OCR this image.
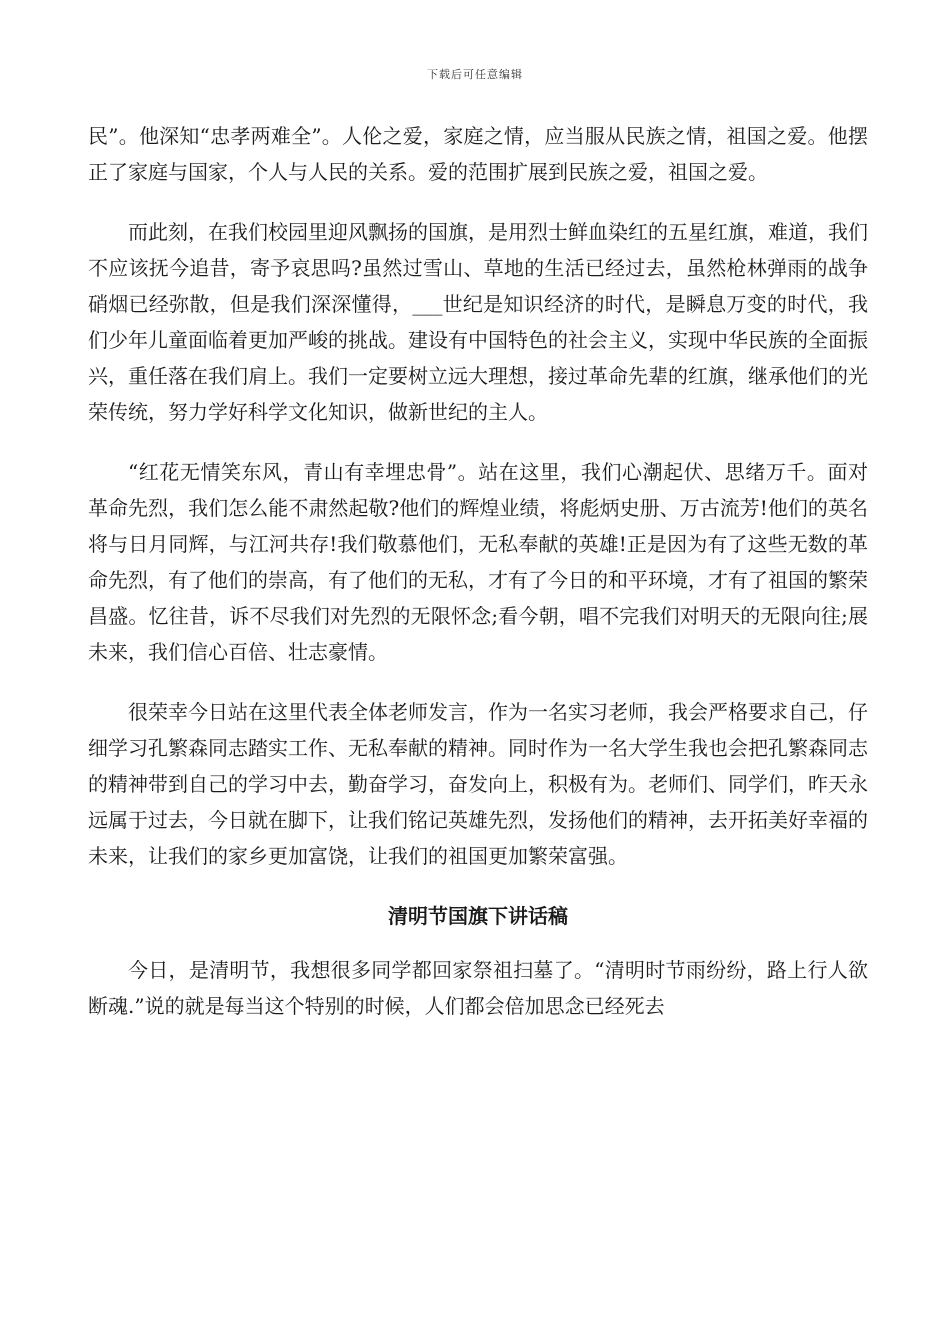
下载后可任意编辑

民”。他深知“忠孝两难全”。人伦之爱，家庭之情，应当服从民族之情，祖国之爱。他摆正了家庭与国家，个人与人民的关系。爱的范围扩展到民族之爱，祖国之爱。

而此刻，在我们校园里迎风飘扬的国旗，是用烈士鲜血染红的五星红旗，难道，我们不应该抚今追昔，寄予哀思吗?虽然过雪山、草地的生活已经过去，虽然枪林弹雨的战争硝烟已经弥散，但是我们深深懂得，___世纪是知识经济的时代，是瞬息万变的时代，我们少年儿童面临着更加严峻的挑战。建设有中国特色的社会主义，实现中华民族的全面振兴，重任落在我们肩上。我们一定要树立远大理想，接过革命先辈的红旗，继承他们的光荣传统，努力学好科学文化知识，做新世纪的主人。

“红花无情笑东风，青山有幸埋忠骨”。站在这里，我们心潮起伏、思绪万千。面对革命先烈，我们怎么能不肃然起敬?他们的辉煌业绩，将彪炳史册、万古流芳!他们的英名将与日月同辉，与江河共存!我们敬慕他们，无私奉献的英雄!正是因为有了这些无数的革命先烈，有了他们的崇高，有了他们的无私，才有了今日的和平环境，才有了祖国的繁荣昌盛。忆往昔，诉不尽我们对先烈的无限怀念;看今朝，唱不完我们对明天的无限向往;展未来，我们信心百倍、壮志豪情。

很荣幸今日站在这里代表全体老师发言，作为一名实习老师，我会严格要求自己，仔细学习孔繁森同志踏实工作、无私奉献的精神。同时作为一名大学生我也会把孔繁森同志的精神带到自己的学习中去，勤奋学习，奋发向上，积极有为。老师们、同学们，昨天永远属于过去，今日就在脚下，让我们铭记英雄先烈，发扬他们的精神，去开拓美好幸福的未来，让我们的家乡更加富饶，让我们的祖国更加繁荣富强。

清明节国旗下讲话稿

今日，是清明节，我想很多同学都回家祭祖扫墓了。“清明时节雨纷纷，路上行人欲断魂.”说的就是每当这个特别的时候，人们都会倍加思念已经死去
